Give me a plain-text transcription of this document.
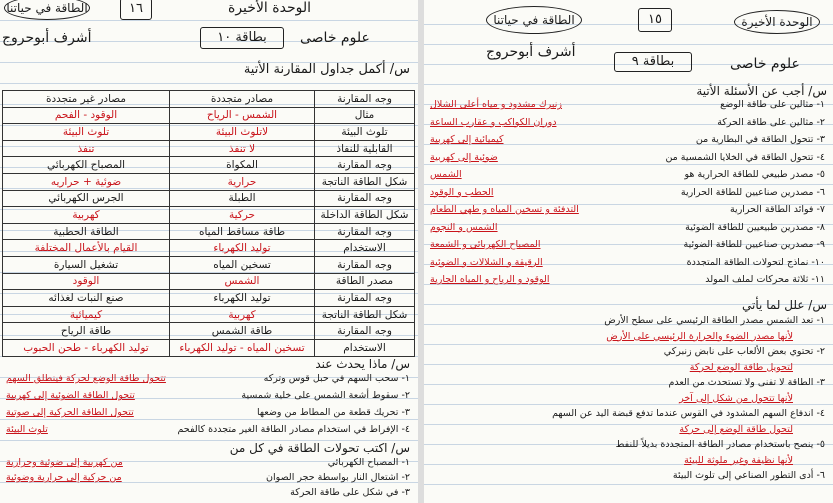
الطاقة في حياتنا	١٦	الوحدة الأخيرة
أشرف أبوحروج	بطاقة ١٠	علوم خاصى
س/ أكمل جداول المقارنة الأتية
وجه المقارنة	مصادر متجددة	مصادر غير متجددة
مثال	الشمس - الرياح	الوقود - الفحم
تلوث البيئة	لاتلوث البيئة	تلوث البيئة
القابلية للنفاذ	لا تنفذ	تنفذ
وجه المقارنة	المكواة	المصباح الكهربائي
شكل الطاقة الناتجة	حرارية	ضوئية + حراريه
وجه المقارنة	الطبلة	الجرس الكهربائي
شكل الطاقة الداخلة	حركية	كهربية
وجه المقارنة	طاقة مساقط المياه	الطاقة الحطبية
الاستخدام	توليد الكهرباء	القيام بالأعمال المختلفة
وجه المقارنة	تسخين المياه	تشغيل السيارة
مصدر الطاقة	الشمس	الوقود
وجه المقارنة	توليد الكهرباء	صنع النبات لغذائه
شكل الطاقة الناتجة	كهربية	كيميائية
وجه المقارنة	طاقة الشمس	طاقة الرياح
الاستخدام	تسخين المياه - توليد الكهرباء	توليد الكهرباء - طحن الحبوب
س/ ماذا يحدث عند
١- سحب السهم في حبل قوس وتركه
تتحول طاقة الوضع لحركة فينطلق السهم
٢- سقوط أشعة الشمس على خلية شمسية
تتحول الطاقة الضوئية إلى كهربية
٣- تحريك قطعة من المطاط من وضعها
تتحول الطاقة الحركية إلى صوتية
٤- الإفراط في استخدام مصادر الطاقة الغير متجددة كالفحم
تلوث البيئة
س/ اكتب تحولات الطاقة في كل من
١- المصباح الكهربائي
من كهربية إلى ضوئية وحرارية
٢- اشتعال النار بواسطة حجر الصوان
من حركية إلى حرارية وضوئية
٣- في شكل على طاقة الحركة
الطاقة في حياتنا	١٥	الوحدة الأخيرة
أشرف أبوحروج
بطاقة ٩	علوم خاصى
س/ أجب عن الأسئلة الأتية
١- مثالين على طاقة الوضع
زنبرك مشدود و مياه أعلى الشلال
٢- مثالين على طاقة الحركة
دوران الكواكب و عقارب الساعة
٣- تتحول الطاقة في البطارية من
كيميائية إلى كهربية
٤- تتحول الطاقة في الخلايا الشمسية من
ضوئية إلى كهربية
٥- مصدر طبيعي للطاقة الحرارية هو
الشمس
٦- مصدرين صناعيين للطاقة الحرارية
الحطب و الوقود
٧- فوائد الطاقة الحرارية
التدفئة و تسخين المياه و طهي الطعام
٨- مصدرين طبيعيين للطاقة الضوئية
الشمس و النجوم
٩- مصدرين صناعيين للطاقة الضوئية
المصباح الكهربائي و الشمعة
١٠- نماذج لتحولات الطاقة المتجددة
الرقيقة و الشلالات و الضوئية
١١- ثلاثة محركات لملف المولد
الوقود و الرياح و المياه الجارية
س/ علل لما يأتي
١- تعد الشمس مصدر الطاقة الرئيسي على سطح الأرض
لأنها مصدر الضوء والحرارة الرئيسي على الأرض
٢- تحتوي بعض الألعاب على نابض زنبركي
لتحويل طاقة الوضع لحركة
٣- الطاقة لا تفنى ولا تستحدث من العدم
لأنها تتحول من شكل إلى آخر
٤- اندفاع السهم المشدود في القوس عندما تدفع قبضة اليد عن السهم
لتحول طاقة الوضع إلى حركة
٥- ينصح باستخدام مصادر الطاقة المتجددة بديلاً للنفط
لأنها نظيفة وغير ملوثة للبيئة
٦- أدى التطور الصناعي إلى تلوث البيئة
